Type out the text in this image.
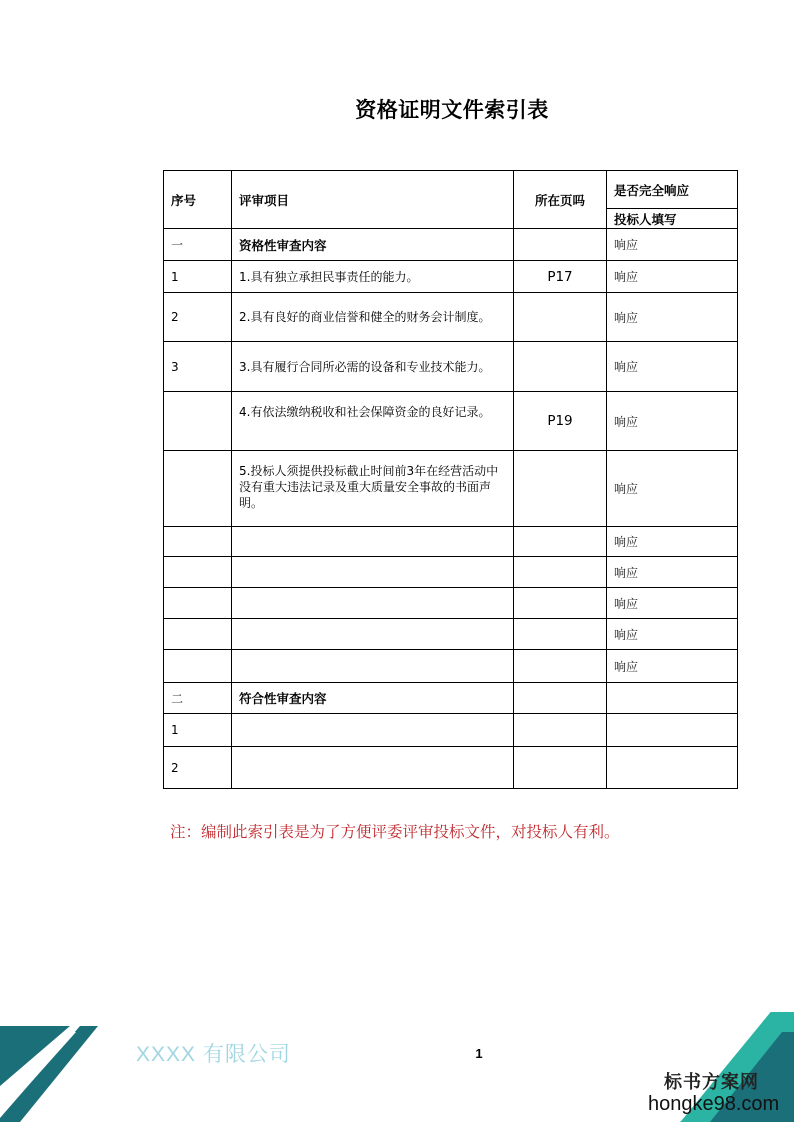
资格证明文件索引表
序号	评审项目	所在页吗	是否完全响应
			投标人填写
一	资格性审查内容		响应
1	1.具有独立承担民事责任的能力。	P17	响应
2	2.具有良好的商业信誉和健全的财务会计制度。		响应
3	3.具有履行合同所必需的设备和专业技术能力。		响应
	4.有依法缴纳税收和社会保障资金的良好记录。	P19	响应
	5.投标人须提供投标截止时间前3年在经营活动中没有重大违法记录及重大质量安全事故的书面声明。		响应
			响应
			响应
			响应
			响应
			响应
二	符合性审查内容		
1			
2			
注：编制此索引表是为了方便评委评审投标文件，对投标人有利。
XXXX 有限公司	1
标书方案网
hongke98.com
